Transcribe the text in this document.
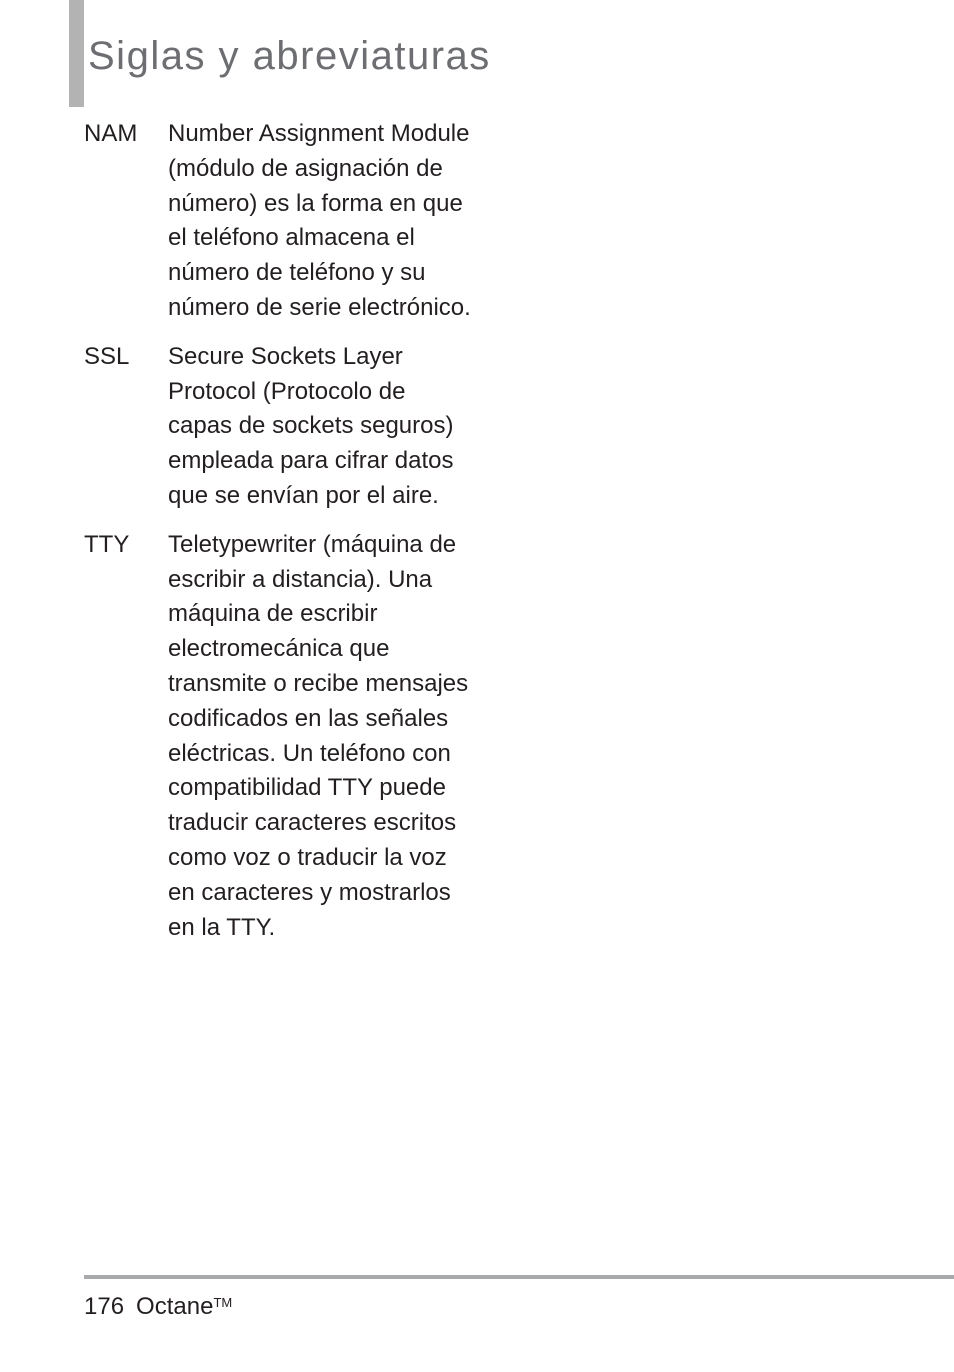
Siglas y abreviaturas
NAM	Number Assignment Module (módulo de asignación de número) es la forma en que el teléfono almacena el número de teléfono y su número de serie electrónico.

SSL	Secure Sockets Layer Protocol (Protocolo de capas de sockets seguros) empleada para cifrar datos que se envían por el aire.

TTY	Teletypewriter (máquina de escribir a distancia). Una máquina de escribir electromecánica que transmite o recibe mensajes codificados en las señales eléctricas. Un teléfono con compatibilidad TTY puede traducir caracteres escritos como voz o traducir la voz en caracteres y mostrarlos en la TTY.

176 Octane™
